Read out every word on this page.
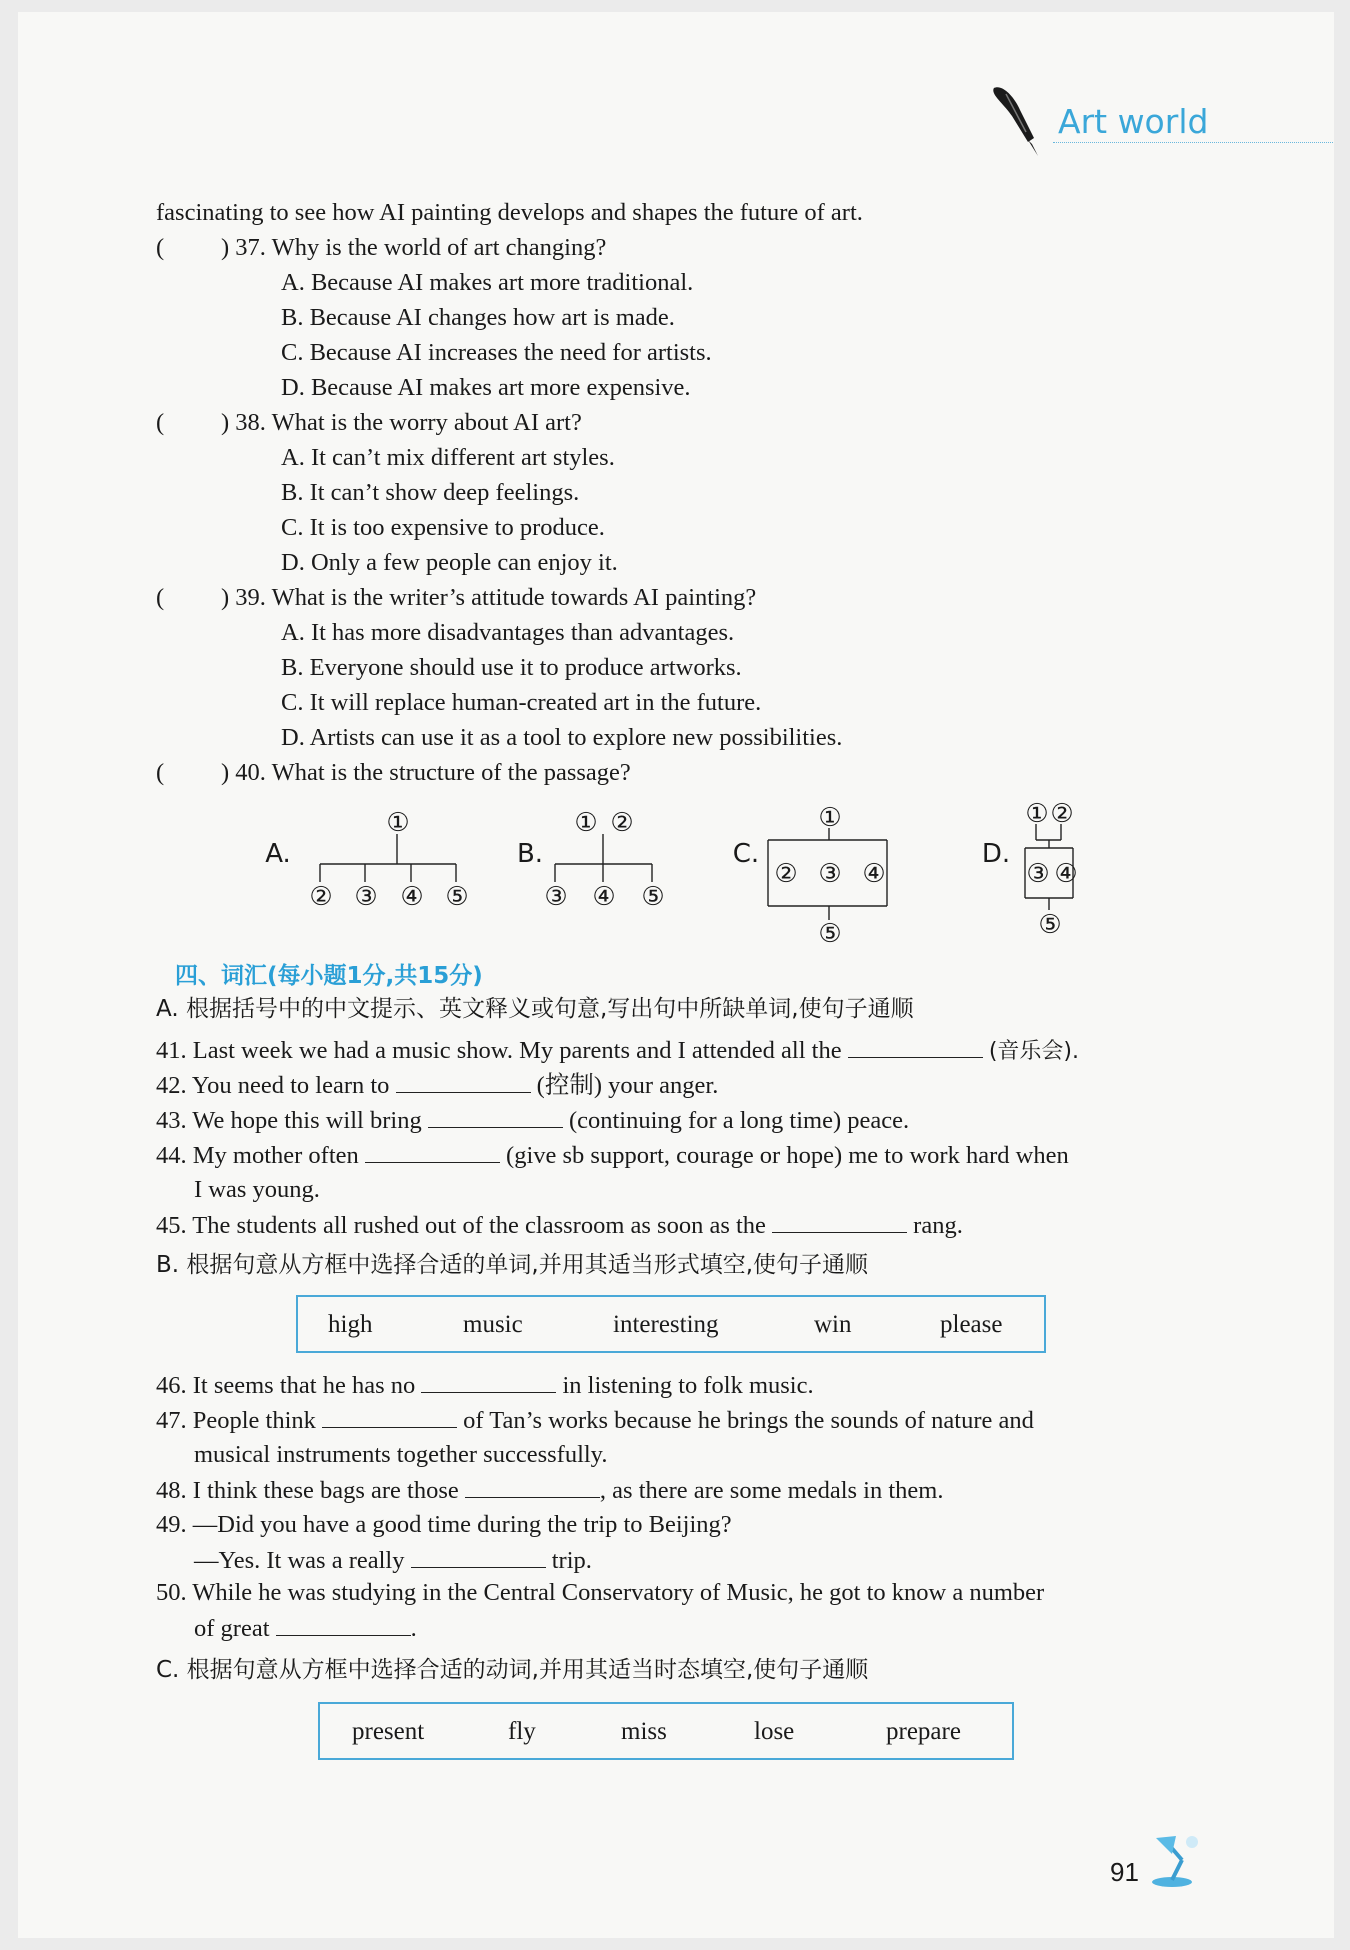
Art world
fascinating to see how AI painting develops and shapes the future of art.
( ) 37. Why is the world of art changing?
A. Because AI makes art more traditional.
B. Because AI changes how art is made.
C. Because AI increases the need for artists.
D. Because AI makes art more expensive.
( ) 38. What is the worry about AI art?
A. It can’t mix different art styles.
B. It can’t show deep feelings.
C. It is too expensive to produce.
D. Only a few people can enjoy it.
( ) 39. What is the writer’s attitude towards AI painting?
A. It has more disadvantages than advantages.
B. Everyone should use it to produce artworks.
C. It will replace human-created art in the future.
D. Artists can use it as a tool to explore new possibilities.
( ) 40. What is the structure of the passage?
A.
①
② ③ ④ ⑤
B.
① ②
③ ④ ⑤
C.
①
② ③ ④
⑤
D.
① ②
③ ④
⑤
四、词汇(每小题1分,共15分)
A. 根据括号中的中文提示、英文释义或句意,写出句中所缺单词,使句子通顺
41. Last week we had a music show. My parents and I attended all the	(音乐会).
42. You need to learn to	(控制) your anger.
43. We hope this will bring	(continuing for a long time) peace.
44. My mother often	(give sb support, courage or hope) me to work hard when
I was young.
45. The students all rushed out of the classroom as soon as the	rang.
B. 根据句意从方框中选择合适的单词,并用其适当形式填空,使句子通顺
high	music	interesting	win	please
46. It seems that he has no	in listening to folk music.
47. People think	of Tan’s works because he brings the sounds of nature and
musical instruments together successfully.
48. I think these bags are those	, as there are some medals in them.
49. —Did you have a good time during the trip to Beijing?
—Yes. It was a really	trip.
50. While he was studying in the Central Conservatory of Music, he got to know a number
of great	.
C. 根据句意从方框中选择合适的动词,并用其适当时态填空,使句子通顺
present	fly	miss	lose	prepare
91
